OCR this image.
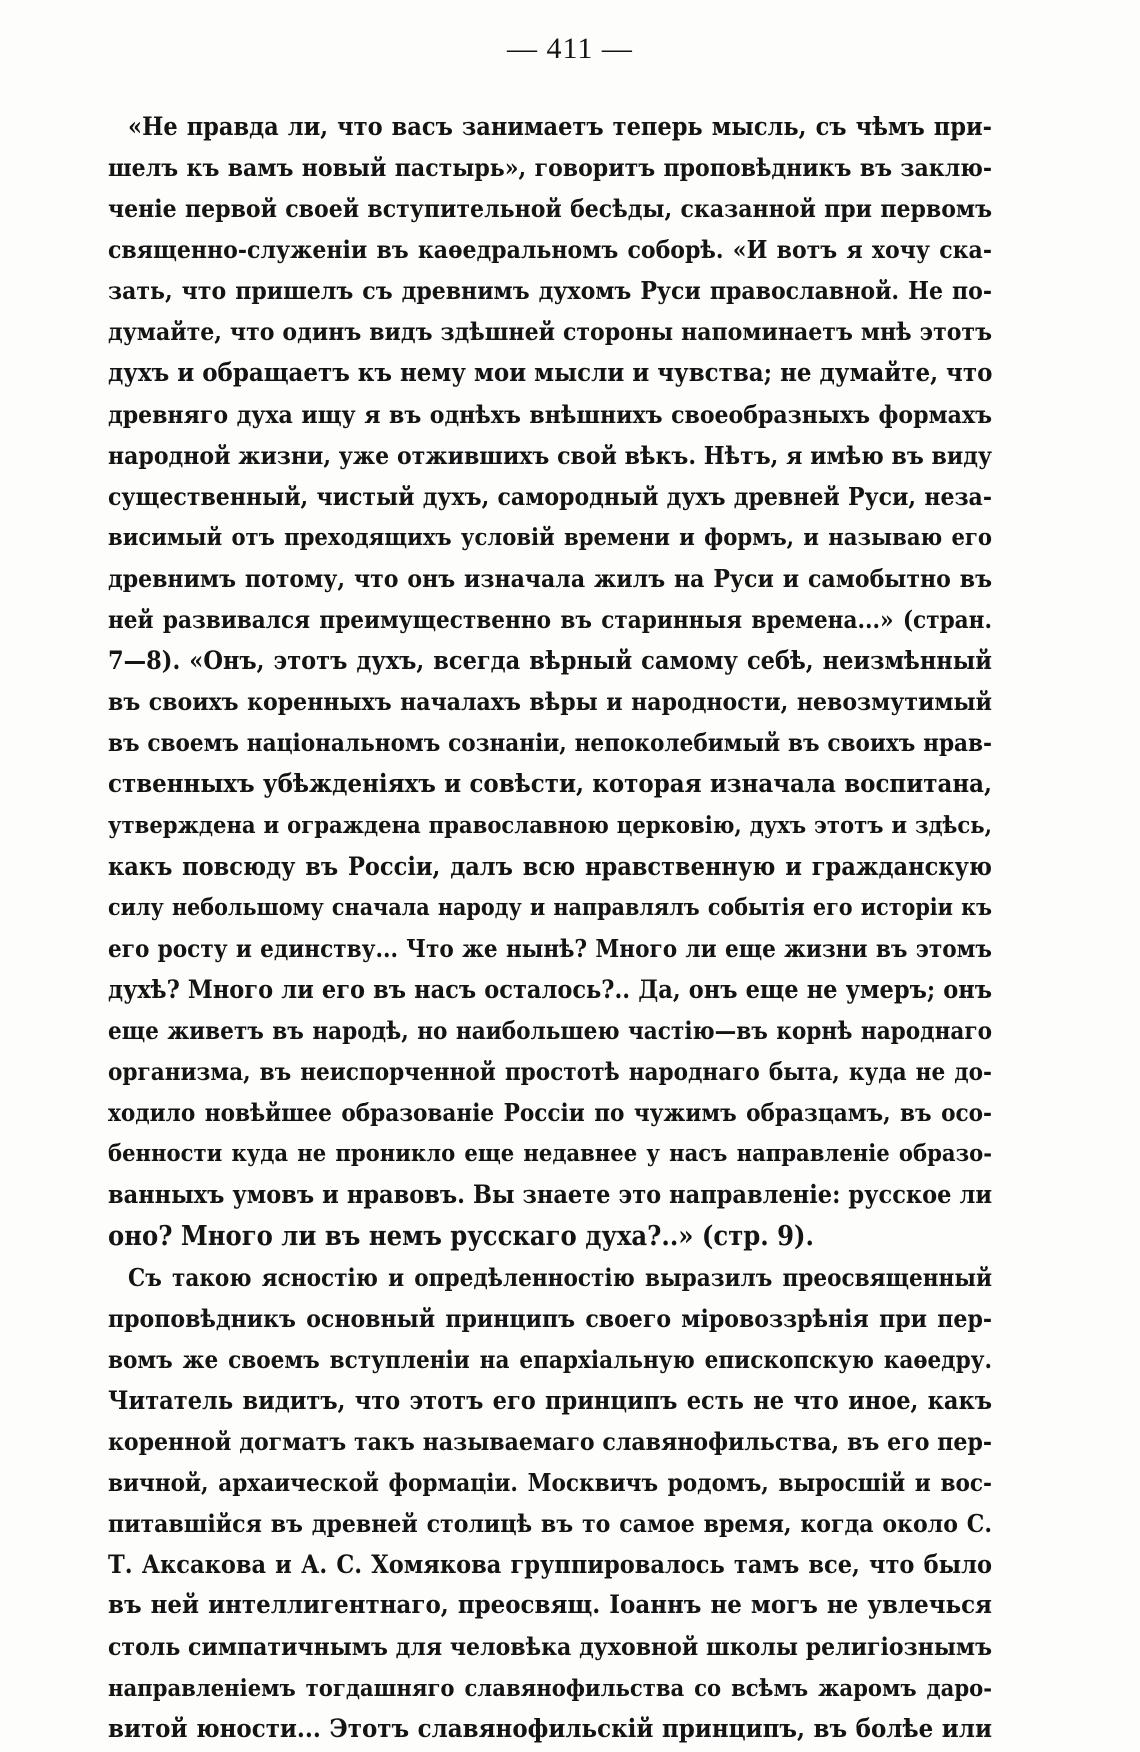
— 411 —
«Не правда ли, что васъ занимаетъ теперь мысль, съ чѣмъ при-
шелъ къ вамъ новый пастырь», говоритъ проповѣдникъ въ заклю-
ченіе первой своей вступительной бесѣды, сказанной при первомъ
священно-служеніи въ каѳедральномъ соборѣ. «И вотъ я хочу ска-
зать, что пришелъ съ древнимъ духомъ Руси православной. Не по-
думайте, что одинъ видъ здѣшней стороны напоминаетъ мнѣ этотъ
духъ и обращаетъ къ нему мои мысли и чувства; не думайте, что
древняго духа ищу я въ однѣхъ внѣшнихъ своеобразныхъ формахъ
народной жизни, уже отжившихъ свой вѣкъ. Нѣтъ, я имѣю въ виду
существенный, чистый духъ, самородный духъ древней Руси, неза-
висимый отъ преходящихъ условій времени и формъ, и называю его
древнимъ потому, что онъ изначала жилъ на Руси и самобытно въ
ней развивался преимущественно въ старинныя времена...» (стран.
7—8). «Онъ, этотъ духъ, всегда вѣрный самому себѣ, неизмѣнный
въ своихъ коренныхъ началахъ вѣры и народности, невозмутимый
въ своемъ національномъ сознаніи, непоколебимый въ своихъ нрав-
ственныхъ убѣжденіяхъ и совѣсти, которая изначала воспитана,
утверждена и ограждена православною церковію, духъ этотъ и здѣсь,
какъ повсюду въ Россіи, далъ всю нравственную и гражданскую
силу небольшому сначала народу и направлялъ событія его исторіи къ
его росту и единству... Что же нынѣ? Много ли еще жизни въ этомъ
духѣ? Много ли его въ насъ осталось?.. Да, онъ еще не умеръ; онъ
еще живетъ въ народѣ, но наибольшею частію—въ корнѣ народнаго
организма, въ неиспорченной простотѣ народнаго быта, куда не до-
ходило новѣйшее образованіе Россіи по чужимъ образцамъ, въ осо-
бенности куда не проникло еще недавнее у насъ направленіе образо-
ванныхъ умовъ и нравовъ. Вы знаете это направленіе: русское ли
оно? Много ли въ немъ русскаго духа?..» (стр. 9).
Съ такою ясностію и опредѣленностію выразилъ преосвященный
проповѣдникъ основный принципъ своего міровоззрѣнія при пер-
вомъ же своемъ вступленіи на епархіальную епископскую каѳедру.
Читатель видитъ, что этотъ его принципъ есть не что иное, какъ
коренной догматъ такъ называемаго славянофильства, въ его пер-
вичной, архаической формаціи. Москвичъ родомъ, выросшій и вос-
питавшійся въ древней столицѣ въ то самое время, когда около С.
Т. Аксакова и А. С. Хомякова группировалось тамъ все, что было
въ ней интеллигентнаго, преосвящ. Іоаннъ не могъ не увлечься
столь симпатичнымъ для человѣка духовной школы религіознымъ
направленіемъ тогдашняго славянофильства со всѣмъ жаромъ даро-
витой юности... Этотъ славянофильскій принципъ, въ болѣе или
